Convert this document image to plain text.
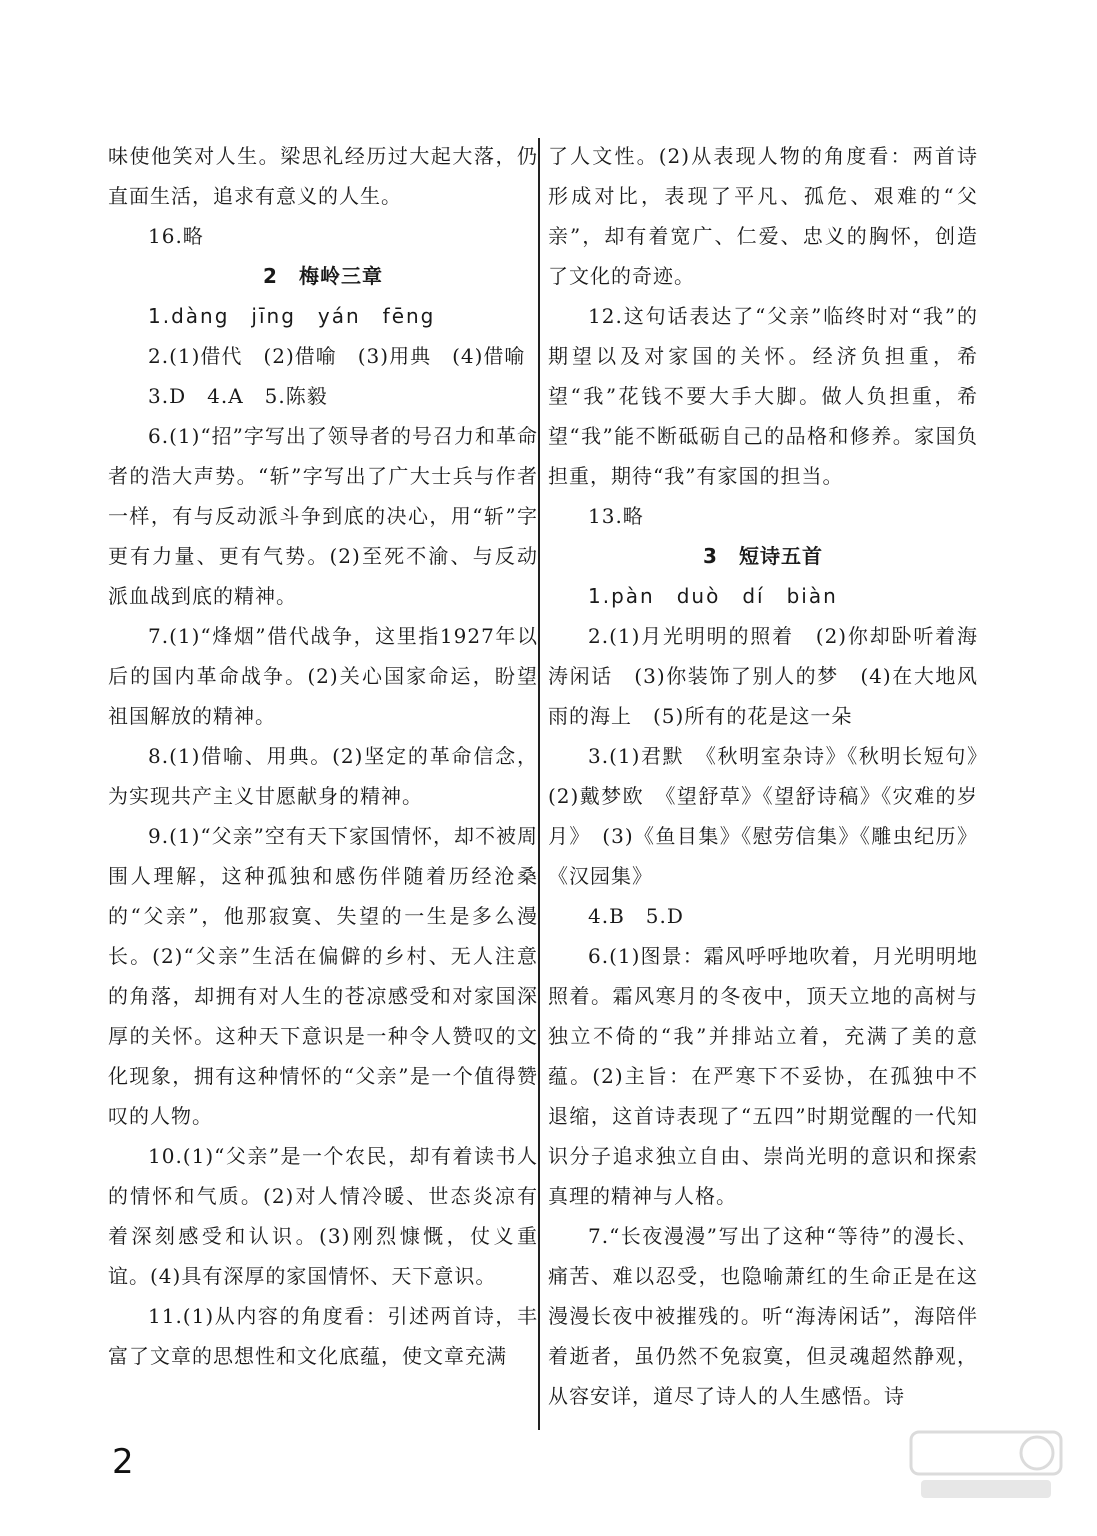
味使他笑对人生。梁思礼经历过大起大落，仍直面生活，追求有意义的人生。

16.略

2　梅岭三章

1.dàng　jīng　yán　fēng

2.(1)借代　(2)借喻　(3)用典　(4)借喻

3.D　4.A　5.陈毅

6.(1)“招”字写出了领导者的号召力和革命者的浩大声势。“斩”字写出了广大士兵与作者一样，有与反动派斗争到底的决心，用“斩”字更有力量、更有气势。(2)至死不渝、与反动派血战到底的精神。

7.(1)“烽烟”借代战争，这里指1927年以后的国内革命战争。(2)关心国家命运，盼望祖国解放的精神。

8.(1)借喻、用典。(2)坚定的革命信念，为实现共产主义甘愿献身的精神。

9.(1)“父亲”空有天下家国情怀，却不被周围人理解，这种孤独和感伤伴随着历经沧桑的“父亲”，他那寂寞、失望的一生是多么漫长。(2)“父亲”生活在偏僻的乡村、无人注意的角落，却拥有对人生的苍凉感受和对家国深厚的关怀。这种天下意识是一种令人赞叹的文化现象，拥有这种情怀的“父亲”是一个值得赞叹的人物。

10.(1)“父亲”是一个农民，却有着读书人的情怀和气质。(2)对人情冷暖、世态炎凉有着深刻感受和认识。(3)刚烈慷慨，仗义重谊。(4)具有深厚的家国情怀、天下意识。

11.(1)从内容的角度看：引述两首诗，丰富了文章的思想性和文化底蕴，使文章充满

了人文性。(2)从表现人物的角度看：两首诗形成对比，表现了平凡、孤危、艰难的“父亲”，却有着宽广、仁爱、忠义的胸怀，创造了文化的奇迹。

12.这句话表达了“父亲”临终时对“我”的期望以及对家国的关怀。经济负担重，希望“我”花钱不要大手大脚。做人负担重，希望“我”能不断砥砺自己的品格和修养。家国负担重，期待“我”有家国的担当。

13.略

3　短诗五首

1.pàn　duò　dí　biàn

2.(1)月光明明的照着　(2)你却卧听着海涛闲话　(3)你装饰了别人的梦　(4)在大地风雨的海上　(5)所有的花是这一朵

3.(1)君默　《秋明室杂诗》《秋明长短句》　(2)戴梦欧　《望舒草》《望舒诗稿》《灾难的岁月》　(3)《鱼目集》《慰劳信集》《雕虫纪历》《汉园集》

4.B　5.D

6.(1)图景：霜风呼呼地吹着，月光明明地照着。霜风寒月的冬夜中，顶天立地的高树与独立不倚的“我”并排站立着，充满了美的意蕴。(2)主旨：在严寒下不妥协，在孤独中不退缩，这首诗表现了“五四”时期觉醒的一代知识分子追求独立自由、崇尚光明的意识和探索真理的精神与人格。

7.“长夜漫漫”写出了这种“等待”的漫长、痛苦、难以忍受，也隐喻萧红的生命正是在这漫漫长夜中被摧残的。听“海涛闲话”，海陪伴着逝者，虽仍然不免寂寞，但灵魂超然静观，从容安详，道尽了诗人的人生感悟。诗

2
